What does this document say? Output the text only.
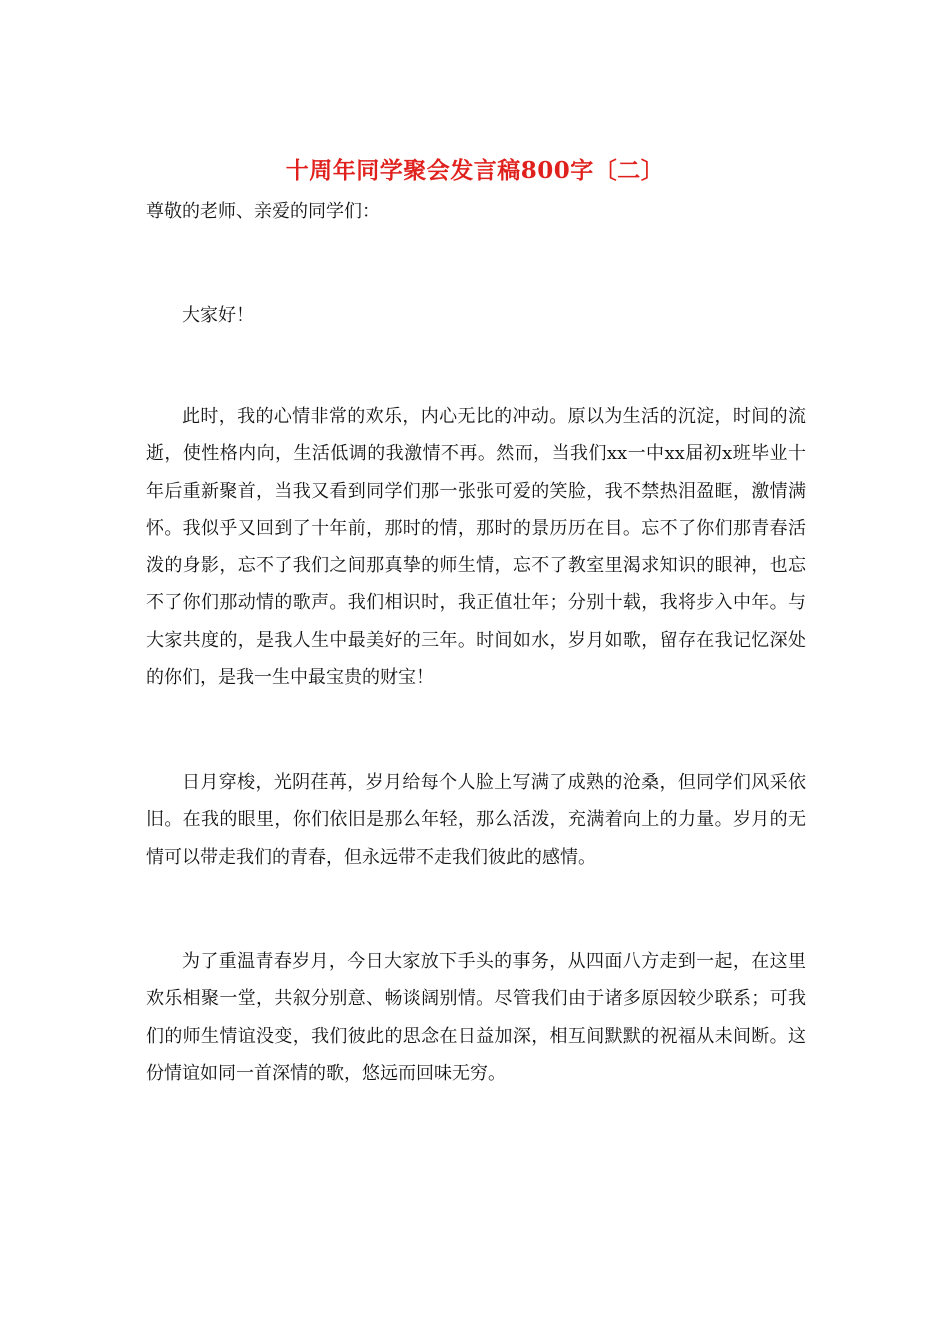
十周年同学聚会发言稿800字〔二〕
尊敬的老师、亲爱的同学们：

大家好！

此时，我的心情非常的欢乐，内心无比的冲动。原以为生活的沉淀，时间的流逝，使性格内向，生活低调的我激情不再。然而，当我们xx一中xx届初x班毕业十年后重新聚首，当我又看到同学们那一张张可爱的笑脸，我不禁热泪盈眶，激情满怀。我似乎又回到了十年前，那时的情，那时的景历历在目。忘不了你们那青春活泼的身影，忘不了我们之间那真挚的师生情，忘不了教室里渴求知识的眼神，也忘不了你们那动情的歌声。我们相识时，我正值壮年；分别十载，我将步入中年。与大家共度的，是我人生中最美好的三年。时间如水，岁月如歌，留存在我记忆深处的你们，是我一生中最宝贵的财宝！

日月穿梭，光阴荏苒，岁月给每个人脸上写满了成熟的沧桑，但同学们风采依旧。在我的眼里，你们依旧是那么年轻，那么活泼，充满着向上的力量。岁月的无情可以带走我们的青春，但永远带不走我们彼此的感情。

为了重温青春岁月，今日大家放下手头的事务，从四面八方走到一起，在这里欢乐相聚一堂，共叙分别意、畅谈阔别情。尽管我们由于诸多原因较少联系；可我们的师生情谊没变，我们彼此的思念在日益加深，相互间默默的祝福从未间断。这份情谊如同一首深情的歌，悠远而回味无穷。
